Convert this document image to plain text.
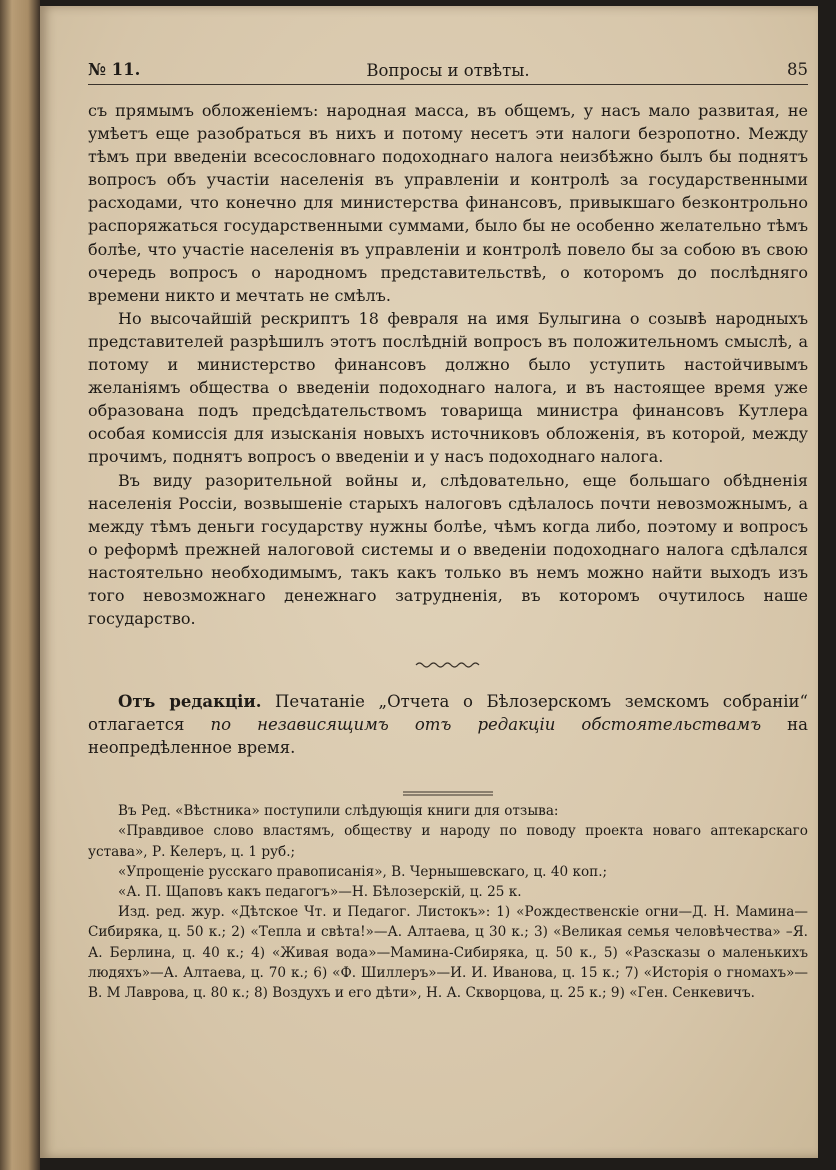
№ 11.	Вопросы и отвѣты.	85

съ прямымъ обложеніемъ: народная масса, въ общемъ, у насъ мало развитая, не умѣетъ еще разобраться въ нихъ и потому несетъ эти налоги безропотно. Между тѣмъ при введеніи всесословнаго подоходнаго налога неизбѣжно былъ бы поднятъ вопросъ объ участіи населенія въ управленіи и контролѣ за государственными расходами, что конечно для министерства финансовъ, привыкшаго безконтрольно распоряжаться государственными суммами, было бы не особенно желательно тѣмъ болѣе, что участіе населенія въ управленіи и контролѣ повело бы за собою въ свою очередь вопросъ о народномъ представительствѣ, о которомъ до послѣдняго времени никто и мечтать не смѣлъ.

Но высочайшій рескриптъ 18 февраля на имя Булыгина о созывѣ народныхъ представителей разрѣшилъ этотъ послѣдній вопросъ въ положительномъ смыслѣ, а потому и министерство финансовъ должно было уступить настойчивымъ желаніямъ общества о введеніи подоходнаго налога, и въ настоящее время уже образована подъ предсѣдательствомъ товарища министра финансовъ Кутлера особая комиссія для изысканія новыхъ источниковъ обложенія, въ которой, между прочимъ, поднятъ вопросъ о введеніи и у насъ подоходнаго налога.

Въ виду разорительной войны и, слѣдовательно, еще большаго обѣдненія населенія Россіи, возвышеніе старыхъ налоговъ сдѣлалось почти невозможнымъ, а между тѣмъ деньги государству нужны болѣе, чѣмъ когда либо, поэтому и вопросъ о реформѣ прежней налоговой системы и о введеніи подоходнаго налога сдѣлался настоятельно необходимымъ, такъ какъ только въ немъ можно найти выходъ изъ того невозможнаго денежнаго затрудненія, въ которомъ очутилось наше государство.

Отъ редакціи. Печатаніе „Отчета о Бѣлозерскомъ земскомъ собраніи“ отлагается по независящимъ отъ редакціи обстоятельствамъ на неопредѣленное время.

Въ Ред. «Вѣстника» поступили слѣдующія книги для отзыва:

«Правдивое слово властямъ, обществу и народу по поводу проекта новаго аптекарскаго устава», Р. Келеръ, ц. 1 руб.;

«Упрощеніе русскаго правописанія», В. Чернышевскаго, ц. 40 коп.;

«А. П. Щаповъ какъ педагогъ»—Н. Бѣлозерскій, ц. 25 к.

Изд. ред. жур. «Дѣтское Чт. и Педагог. Листокъ»: 1) «Рождественскіе огни—Д. Н. Мамина—Сибиряка, ц. 50 к.; 2) «Тепла и свѣта!»—А. Алтаева, ц 30 к.; 3) «Великая семья человѣчества» –Я. А. Берлина, ц. 40 к.; 4) «Живая вода»—Мамина-Сибиряка, ц. 50 к., 5) «Разсказы о маленькихъ людяхъ»—А. Алтаева, ц. 70 к.; 6) «Ф. Шиллеръ»—И. И. Иванова, ц. 15 к.; 7) «Исторія о гномахъ»—В. М Лаврова, ц. 80 к.; 8) Воздухъ и его дѣти», Н. А. Скворцова, ц. 25 к.; 9) «Ген. Сенкевичъ.
